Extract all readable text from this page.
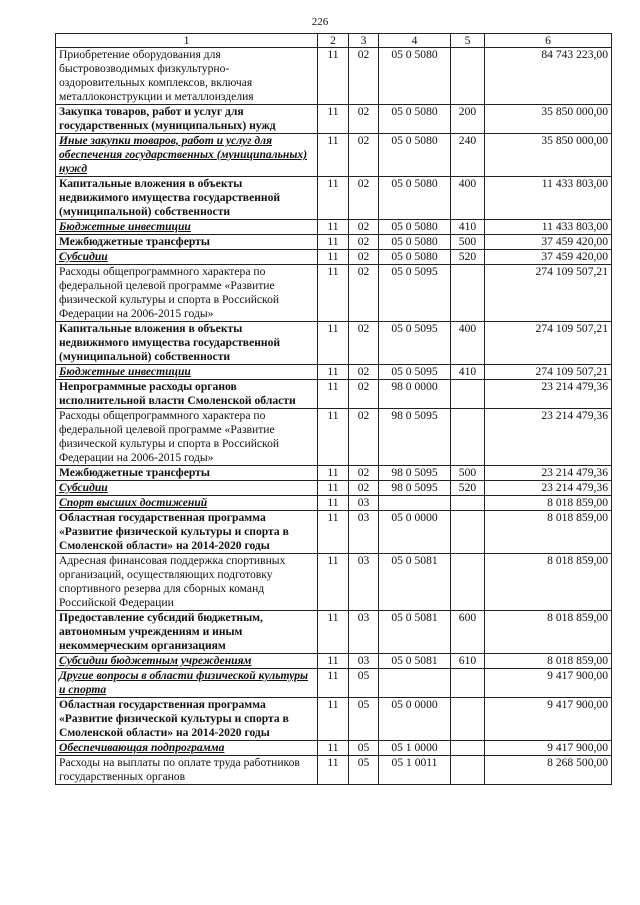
226
1	2	3	4	5	6
Приобретение оборудования для быстровозводимых физкультурно-оздоровительных комплексов, включая металлоконструкции и металлоизделия	11	02	05 0 5080		84 743 223,00
Закупка товаров, работ и услуг для государственных (муниципальных) нужд	11	02	05 0 5080	200	35 850 000,00
Иные закупки товаров, работ и услуг для обеспечения государственных (муниципальных) нужд	11	02	05 0 5080	240	35 850 000,00
Капитальные вложения в объекты недвижимого имущества государственной (муниципальной) собственности	11	02	05 0 5080	400	11 433 803,00
Бюджетные инвестиции	11	02	05 0 5080	410	11 433 803,00
Межбюджетные трансферты	11	02	05 0 5080	500	37 459 420,00
Субсидии	11	02	05 0 5080	520	37 459 420,00
Расходы общепрограммного характера по федеральной целевой программе «Развитие физической культуры и спорта в Российской Федерации на 2006-2015 годы»	11	02	05 0 5095		274 109 507,21
Капитальные вложения в объекты недвижимого имущества государственной (муниципальной) собственности	11	02	05 0 5095	400	274 109 507,21
Бюджетные инвестиции	11	02	05 0 5095	410	274 109 507,21
Непрограммные расходы органов исполнительной власти Смоленской области	11	02	98 0 0000		23 214 479,36
Расходы общепрограммного характера по федеральной целевой программе «Развитие физической культуры и спорта в Российской Федерации на 2006-2015 годы»	11	02	98 0 5095		23 214 479,36
Межбюджетные трансферты	11	02	98 0 5095	500	23 214 479,36
Субсидии	11	02	98 0 5095	520	23 214 479,36
Спорт высших достижений	11	03			8 018 859,00
Областная государственная программа «Развитие физической культуры и спорта в Смоленской области» на 2014-2020 годы	11	03	05 0 0000		8 018 859,00
Адресная финансовая поддержка спортивных организаций, осуществляющих подготовку спортивного резерва для сборных команд Российской Федерации	11	03	05 0 5081		8 018 859,00
Предоставление субсидий бюджетным, автономным учреждениям и иным некоммерческим организациям	11	03	05 0 5081	600	8 018 859,00
Субсидии бюджетным учреждениям	11	03	05 0 5081	610	8 018 859,00
Другие вопросы в области физической культуры и спорта	11	05			9 417 900,00
Областная государственная программа «Развитие физической культуры и спорта в Смоленской области» на 2014-2020 годы	11	05	05 0 0000		9 417 900,00
Обеспечивающая подпрограмма	11	05	05 1 0000		9 417 900,00
Расходы на выплаты по оплате труда работников государственных органов	11	05	05 1 0011		8 268 500,00
